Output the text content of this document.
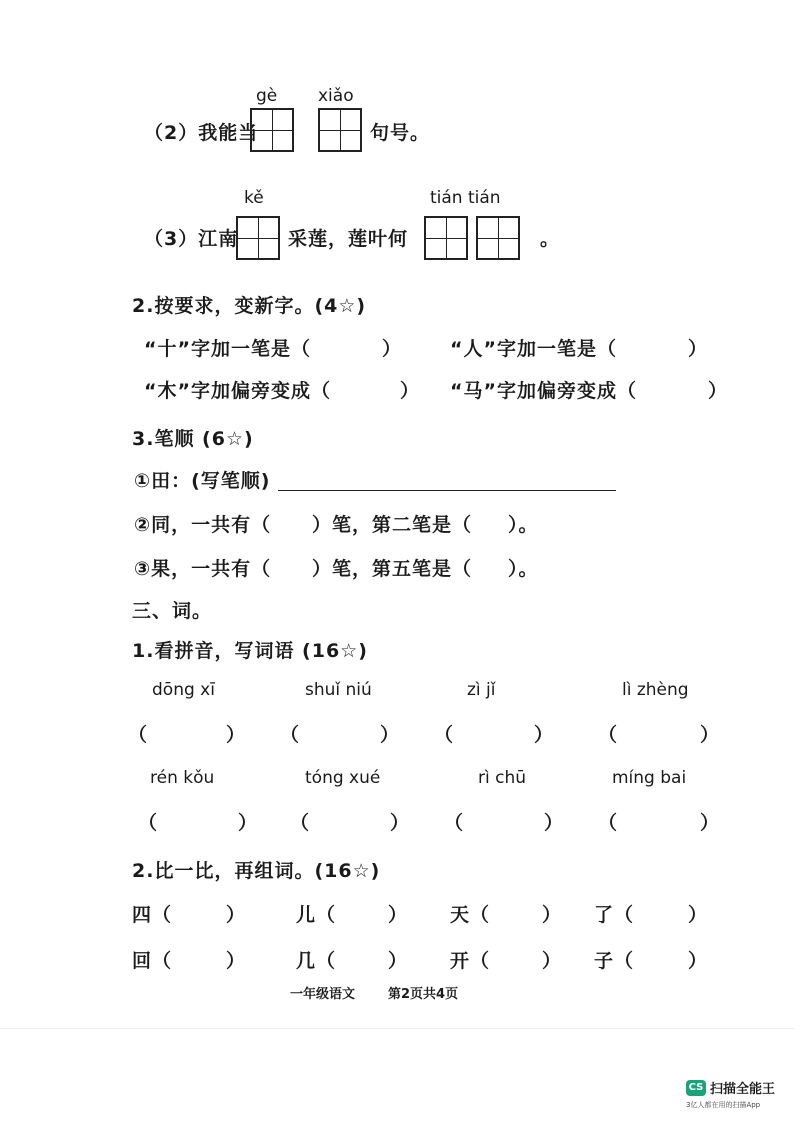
gè xiǎo
（2）我能当	句号。
kě	tián tián
（3）江南	采莲，莲叶何	。
2.按要求，变新字。(4☆)
“十”字加一笔是（	）	“人”字加一笔是（	）
“木”字加偏旁变成（	） “马”字加偏旁变成（	）
3.笔顺 (6☆)
①田：(写笔顺)
②同，一共有（ ）笔，第二笔是（ ）。
③果，一共有（ ）笔，第五笔是（ ）。
三、词。
1.看拼音，写词语 (16☆)
dōng xī	shuǐ niú	zì jǐ	lì zhèng
（	） （	） （	） （	）
rén kǒu	tóng xué	rì chū	míng bai
（	） （	） （	） （	）
2.比一比，再组词。(16☆)
四 （	）	儿 （	） 天 （	） 了 （	）
回 （	）	几 （	） 开 （	） 子 （	）
一年级语文	第2页共4页
CS 扫描全能王
3亿人都在用的扫描App
